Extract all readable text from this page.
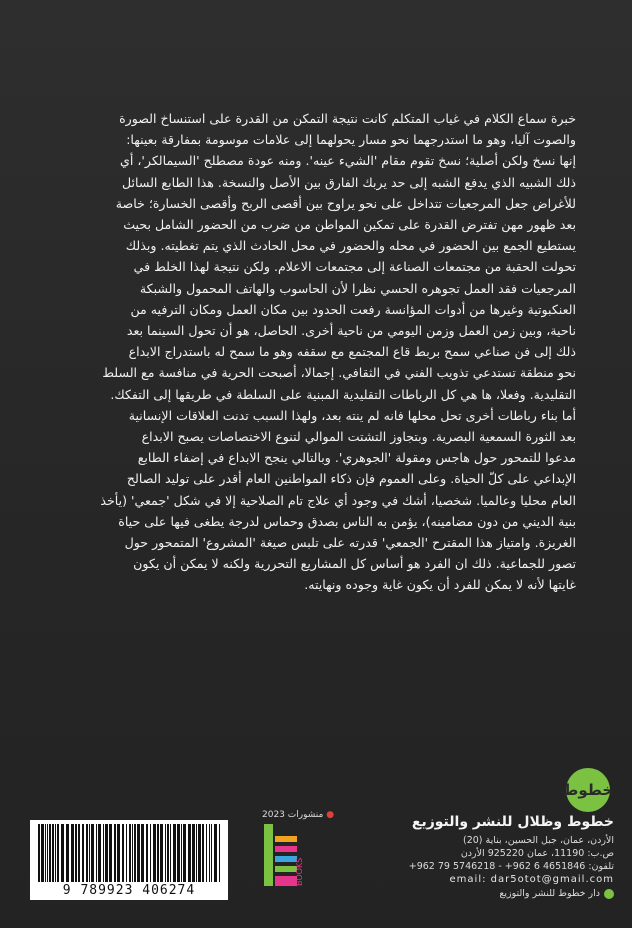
خبرة سماع الكلام في غياب المتكلم كانت نتيجة التمكن من القدرة على استنساخ الصورة

والصوت آليا، وهو ما استدرجهما نحو مسار يحولهما إلى علامات موسومة بمفارقة بعينها:

إنها نسخ ولكن أصلية؛ نسخ تقوم مقام 'الشيء عينه'. ومنه عودة مصطلح 'السيمالكر'، أي

ذلك الشبيه الذي يدفع الشبه إلى حد يربك الفارق بين الأصل والنسخة. هذا الطابع السائل

للأغراض جعل المرجعيات تتداخل على نحو يراوح بين أقصى الربح وأقصى الخسارة؛ خاصة

بعد ظهور مهن تفترض القدرة على تمكين المواطن من ضرب من الحضور الشامل بحيث

يستطيع الجمع بين الحضور في محله والحضور في محل الحادث الذي يتم تغطيته. وبذلك

تحولت الحقبة من مجتمعات الصناعة إلى مجتمعات الاعلام. ولكن نتيجة لهذا الخلط في

المرجعيات فقد العمل تجوهره الحسي نظرا لأن الحاسوب والهاتف المحمول والشبكة

العنكبوتية وغيرها من أدوات المؤانسة رفعت الحدود بين مكان العمل ومكان الترفيه من

ناحية، وبين زمن العمل وزمن اليومي من ناحية أخرى. الحاصل، هو أن تحول السينما بعد

ذلك إلى فن صناعي سمح بربط قاع المجتمع مع سقفه وهو ما سمح له باستدراج الابداع

نحو منطقة تستدعي تذويب الفني في الثقافي. إجمالا، أصبحت الحرية في منافسة مع السلط

التقليدية. وفعلا، ها هي كل الرباطات التقليدية المبنية على السلطة في طريقها إلى التفكك.

أما بناء رباطات أخرى تحل محلها فانه لم ينته بعد، ولهذا السبب تدنت العلاقات الإنسانية

بعد الثورة السمعية البصرية. وبتجاوز التشتت الموالي لتنوع الاختصاصات يصبح الابداع

مدعوا للتمحور حول هاجس ومقولة 'الجوهري'. وبالتالي ينجح الابداع في إضفاء الطابع

الإبداعي على كلّ الحياة. وعلى العموم فإن ذكاء المواطنين العام أقدر على توليد الصالح

العام محليا وعالميا. شخصيا، أشك في وجود أي علاج تام الصلاحية إلا في شكل 'جمعي' (يأخذ

بنية الديني من دون مضامينه)، يؤمن به الناس بصدق وحماس لدرجة يطغى فيها على حياة

الغريزة. وامتياز هذا المقترح 'الجمعي' قدرته على تلبس صيغة 'المشروع' المتمحور حول

تصور للجماعية. ذلك ان الفرد هو أساس كل المشاريع التحررية ولكنه لا يمكن أن يكون

غايتها لأنه لا يمكن للفرد أن يكون غاية وجوده ونهايته.

خطوط
● منشورات 2023
BOOKS
خطوط وظلال للنشر والتوزيع
الأردن، عمان، جبل الحسين، بناية (20)
ص.ب: 11190، عمان 925220 الأردن
تلفون: 4651846 6 962+ - 5746218 79 962+
email: dar5otot@gmail.com
دار خطوط للنشر والتوزيع
9 789923 406274
